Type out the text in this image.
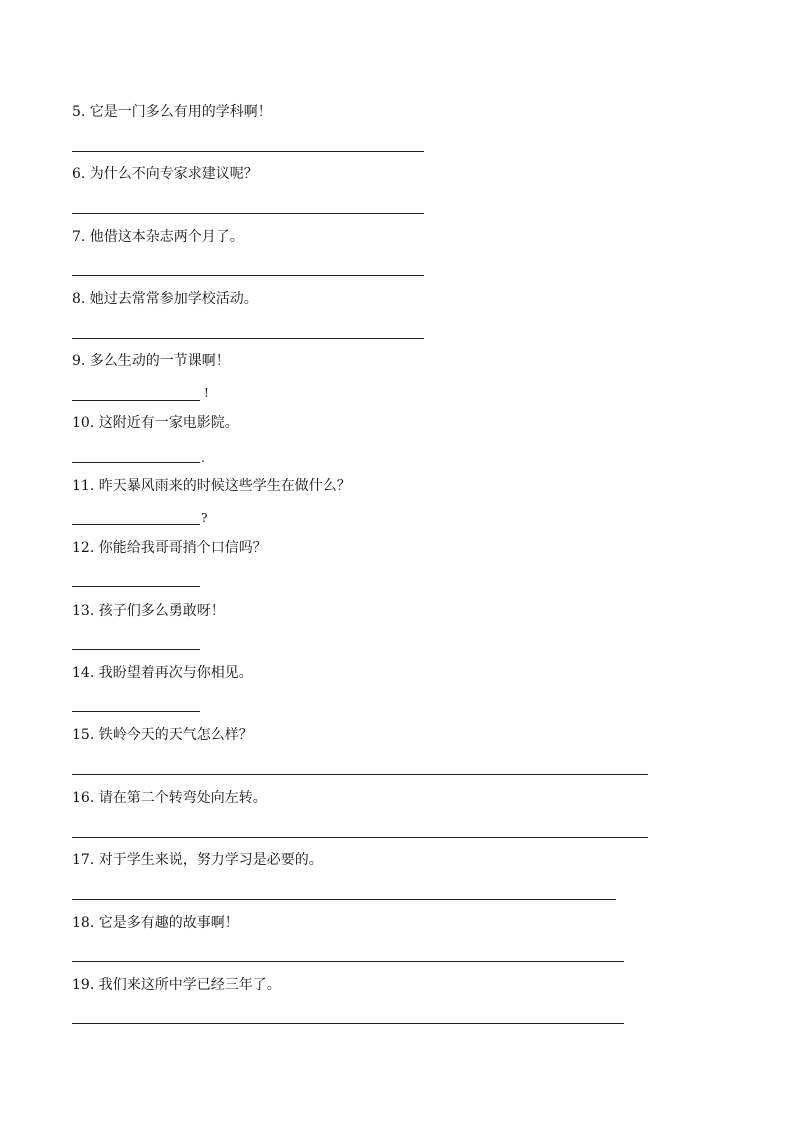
5. 它是一门多么有用的学科啊！
6. 为什么不向专家求建议呢？
7. 他借这本杂志两个月了。
8. 她过去常常参加学校活动。
9. 多么生动的一节课啊！
!
10. 这附近有一家电影院。
.
11. 昨天暴风雨来的时候这些学生在做什么？
?
12. 你能给我哥哥捎个口信吗？
13. 孩子们多么勇敢呀！
14. 我盼望着再次与你相见。
15. 铁岭今天的天气怎么样？
16. 请在第二个转弯处向左转。
17. 对于学生来说，努力学习是必要的。
18. 它是多有趣的故事啊！
19. 我们来这所中学已经三年了。
